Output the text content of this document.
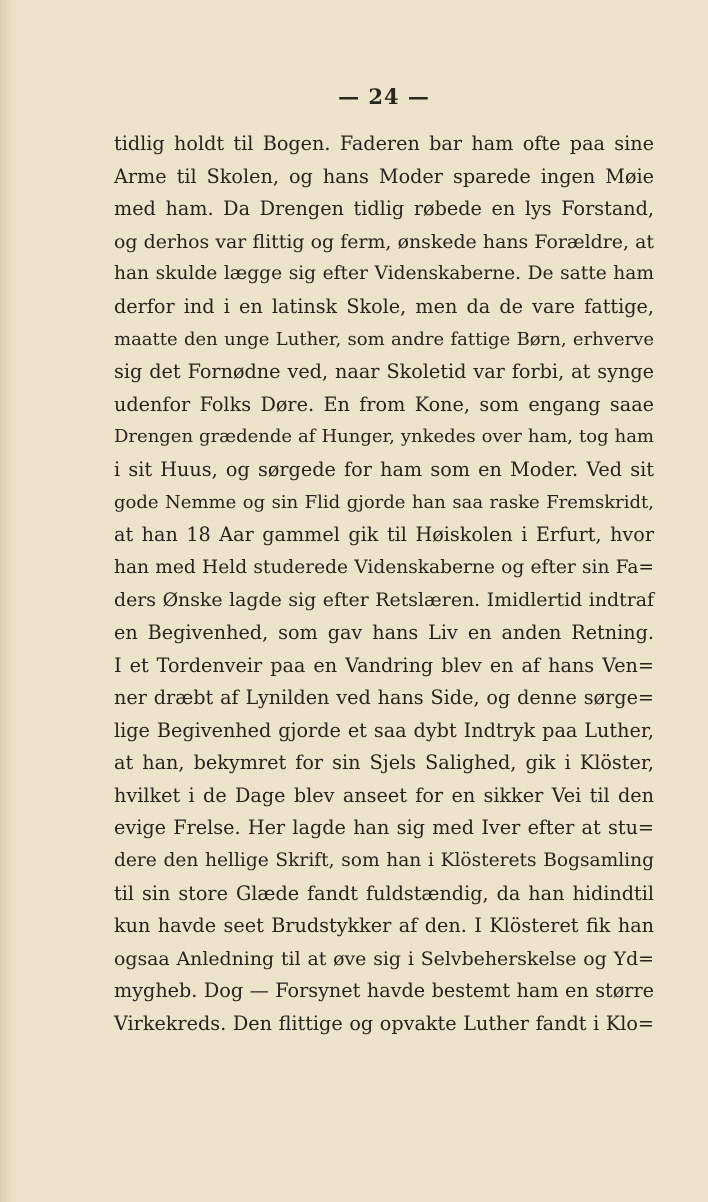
— 24 —
tidlig holdt til Bogen. Faderen bar ham ofte paa sine
Arme til Skolen, og hans Moder sparede ingen Møie
med ham. Da Drengen tidlig røbede en lys Forstand,
og derhos var flittig og ferm, ønskede hans Forældre, at
han skulde lægge sig efter Videnskaberne. De satte ham
derfor ind i en latinsk Skole, men da de vare fattige,
maatte den unge Luther, som andre fattige Børn, erhverve
sig det Fornødne ved, naar Skoletid var forbi, at synge
udenfor Folks Døre. En from Kone, som engang saae
Drengen grædende af Hunger, ynkedes over ham, tog ham
i sit Huus, og sørgede for ham som en Moder. Ved sit
gode Nemme og sin Flid gjorde han saa raske Fremskridt,
at han 18 Aar gammel gik til Høiskolen i Erfurt, hvor
han med Held studerede Videnskaberne og efter sin Fa=
ders Ønske lagde sig efter Retslæren. Imidlertid indtraf
en Begivenhed, som gav hans Liv en anden Retning.
I et Tordenveir paa en Vandring blev en af hans Ven=
ner dræbt af Lynilden ved hans Side, og denne sørge=
lige Begivenhed gjorde et saa dybt Indtryk paa Luther,
at han, bekymret for sin Sjels Salighed, gik i Klöster,
hvilket i de Dage blev anseet for en sikker Vei til den
evige Frelse. Her lagde han sig med Iver efter at stu=
dere den hellige Skrift, som han i Klösterets Bogsamling
til sin store Glæde fandt fuldstændig, da han hidindtil
kun havde seet Brudstykker af den. I Klösteret fik han
ogsaa Anledning til at øve sig i Selvbeherskelse og Yd=
mygheb. Dog — Forsynet havde bestemt ham en større
Virkekreds. Den flittige og opvakte Luther fandt i Klo=
